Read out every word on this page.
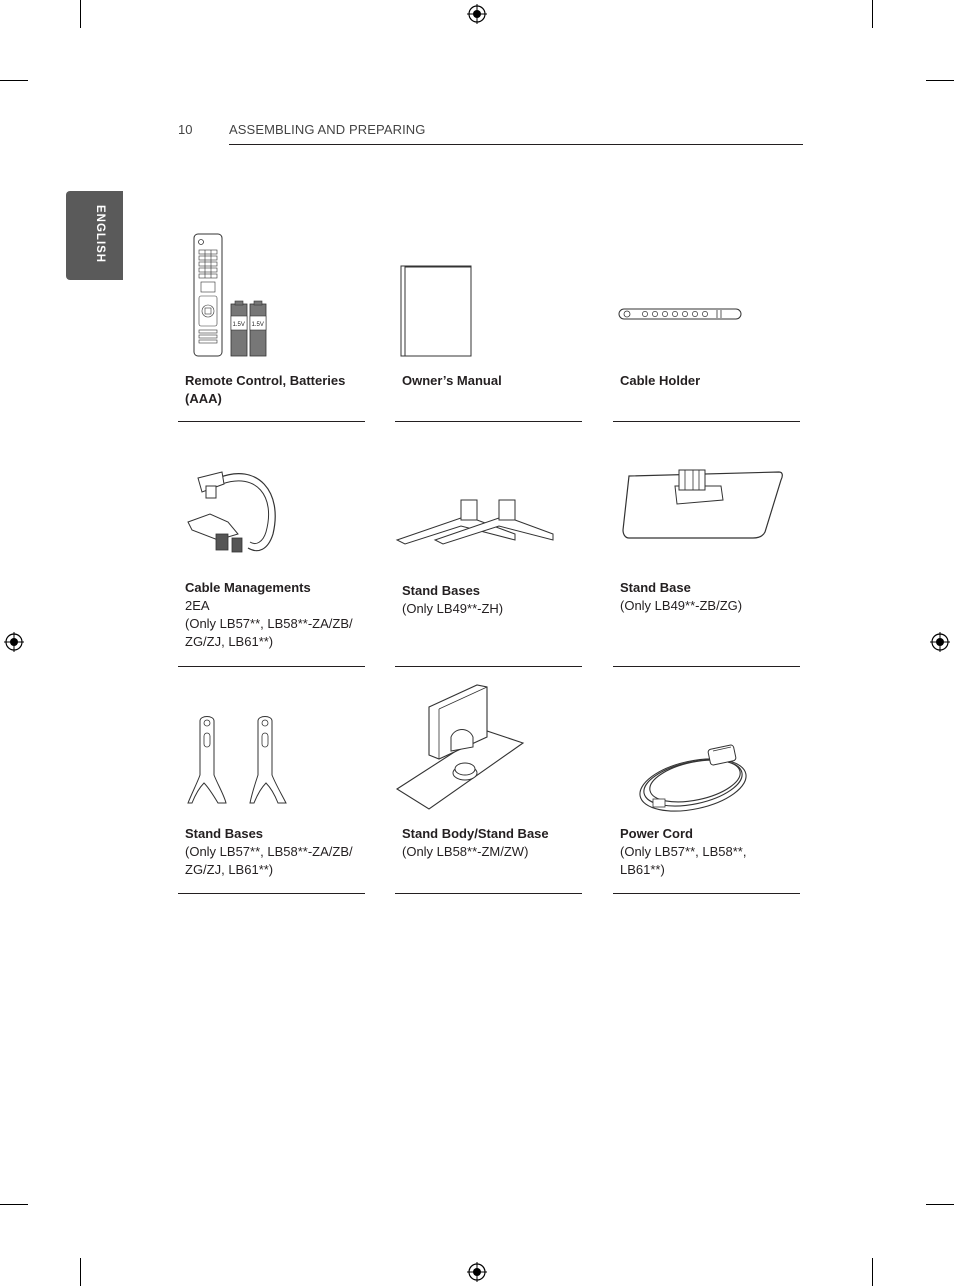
10	ASSEMBLING AND PREPARING
ENGLISH
1.5V 1.5V
Remote Control, Batteries (AAA)
Owner’s Manual	Cable Holder
Cable Managements
2EA
(Only LB57**, LB58**-ZA/ZB/
ZG/ZJ, LB61**)
Stand Bases
(Only LB49**-ZH)
Stand Base
(Only LB49**-ZB/ZG)
Stand Bases
(Only LB57**, LB58**-ZA/ZB/
ZG/ZJ, LB61**)
Stand Body/Stand Base
(Only LB58**-ZM/ZW)
Power Cord
(Only LB57**, LB58**,
LB61**)
